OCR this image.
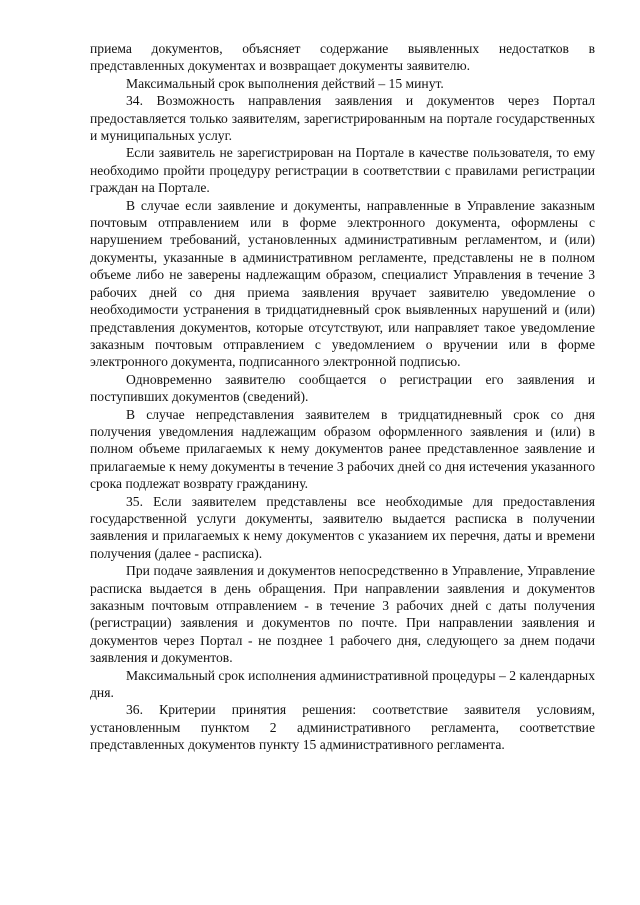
приема документов, объясняет содержание выявленных недостатков в представленных документах и возвращает документы заявителю.

Максимальный срок выполнения действий – 15 минут.

34. Возможность направления заявления и документов через Портал предоставляется только заявителям, зарегистрированным на портале государственных и муниципальных услуг.

Если заявитель не зарегистрирован на Портале в качестве пользователя, то ему необходимо пройти процедуру регистрации в соответствии с правилами регистрации граждан на Портале.

В случае если заявление и документы, направленные в Управление заказным почтовым отправлением или в форме электронного документа, оформлены с нарушением требований, установленных административным регламентом, и (или) документы, указанные в административном регламенте, представлены не в полном объеме либо не заверены надлежащим образом, специалист Управления в течение 3 рабочих дней со дня приема заявления вручает заявителю уведомление о необходимости устранения в тридцатидневный срок выявленных нарушений и (или) представления документов, которые отсутствуют, или направляет такое уведомление заказным почтовым отправлением с уведомлением о вручении или в форме электронного документа, подписанного электронной подписью.

Одновременно заявителю сообщается о регистрации его заявления и поступивших документов (сведений).

В случае непредставления заявителем в тридцатидневный срок со дня получения уведомления надлежащим образом оформленного заявления и (или) в полном объеме прилагаемых к нему документов ранее представленное заявление и прилагаемые к нему документы в течение 3 рабочих дней со дня истечения указанного срока подлежат возврату гражданину.

35. Если заявителем представлены все необходимые для предоставления государственной услуги документы, заявителю выдается расписка в получении заявления и прилагаемых к нему документов с указанием их перечня, даты и времени получения (далее - расписка).

При подаче заявления и документов непосредственно в Управление, Управление расписка выдается в день обращения. При направлении заявления и документов заказным почтовым отправлением - в течение 3 рабочих дней с даты получения (регистрации) заявления и документов по почте. При направлении заявления и документов через Портал - не позднее 1 рабочего дня, следующего за днем подачи заявления и документов.

Максимальный срок исполнения административной процедуры – 2 календарных дня.

36. Критерии принятия решения: соответствие заявителя условиям, установленным пунктом 2 административного регламента, соответствие представленных документов пункту 15 административного регламента.
